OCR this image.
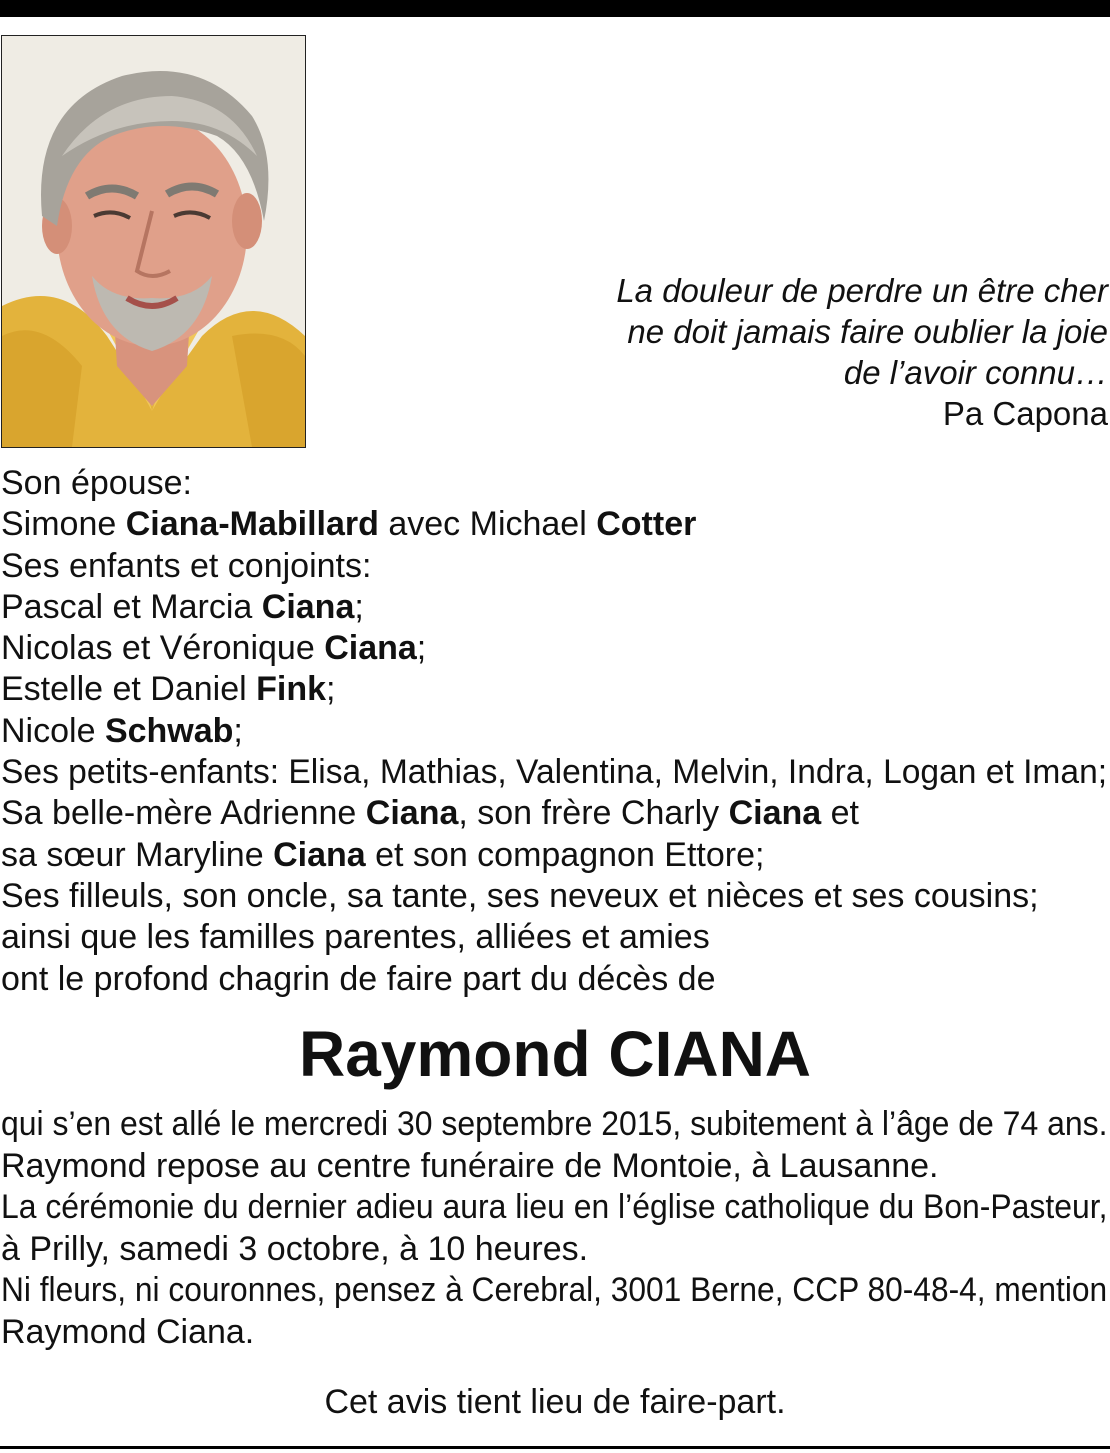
La douleur de perdre un être cher
ne doit jamais faire oublier la joie
de l’avoir connu…
Pa Capona
Son épouse:
Simone Ciana-Mabillard avec Michael Cotter
Ses enfants et conjoints:
Pascal et Marcia Ciana;
Nicolas et Véronique Ciana;
Estelle et Daniel Fink;
Nicole Schwab;
Ses petits-enfants: Elisa, Mathias, Valentina, Melvin, Indra, Logan et Iman;
Sa belle-mère Adrienne Ciana, son frère Charly Ciana et
sa sœur Maryline Ciana et son compagnon Ettore;
Ses filleuls, son oncle, sa tante, ses neveux et nièces et ses cousins;
ainsi que les familles parentes, alliées et amies
ont le profond chagrin de faire part du décès de
Raymond CIANA
qui s’en est allé le mercredi 30 septembre 2015, subitement à l’âge de 74 ans.
Raymond repose au centre funéraire de Montoie, à Lausanne.
La cérémonie du dernier adieu aura lieu en l’église catholique du Bon-Pasteur,
à Prilly, samedi 3 octobre, à 10 heures.
Ni fleurs, ni couronnes, pensez à Cerebral, 3001 Berne, CCP 80-48-4, mention
Raymond Ciana.
Cet avis tient lieu de faire-part.
